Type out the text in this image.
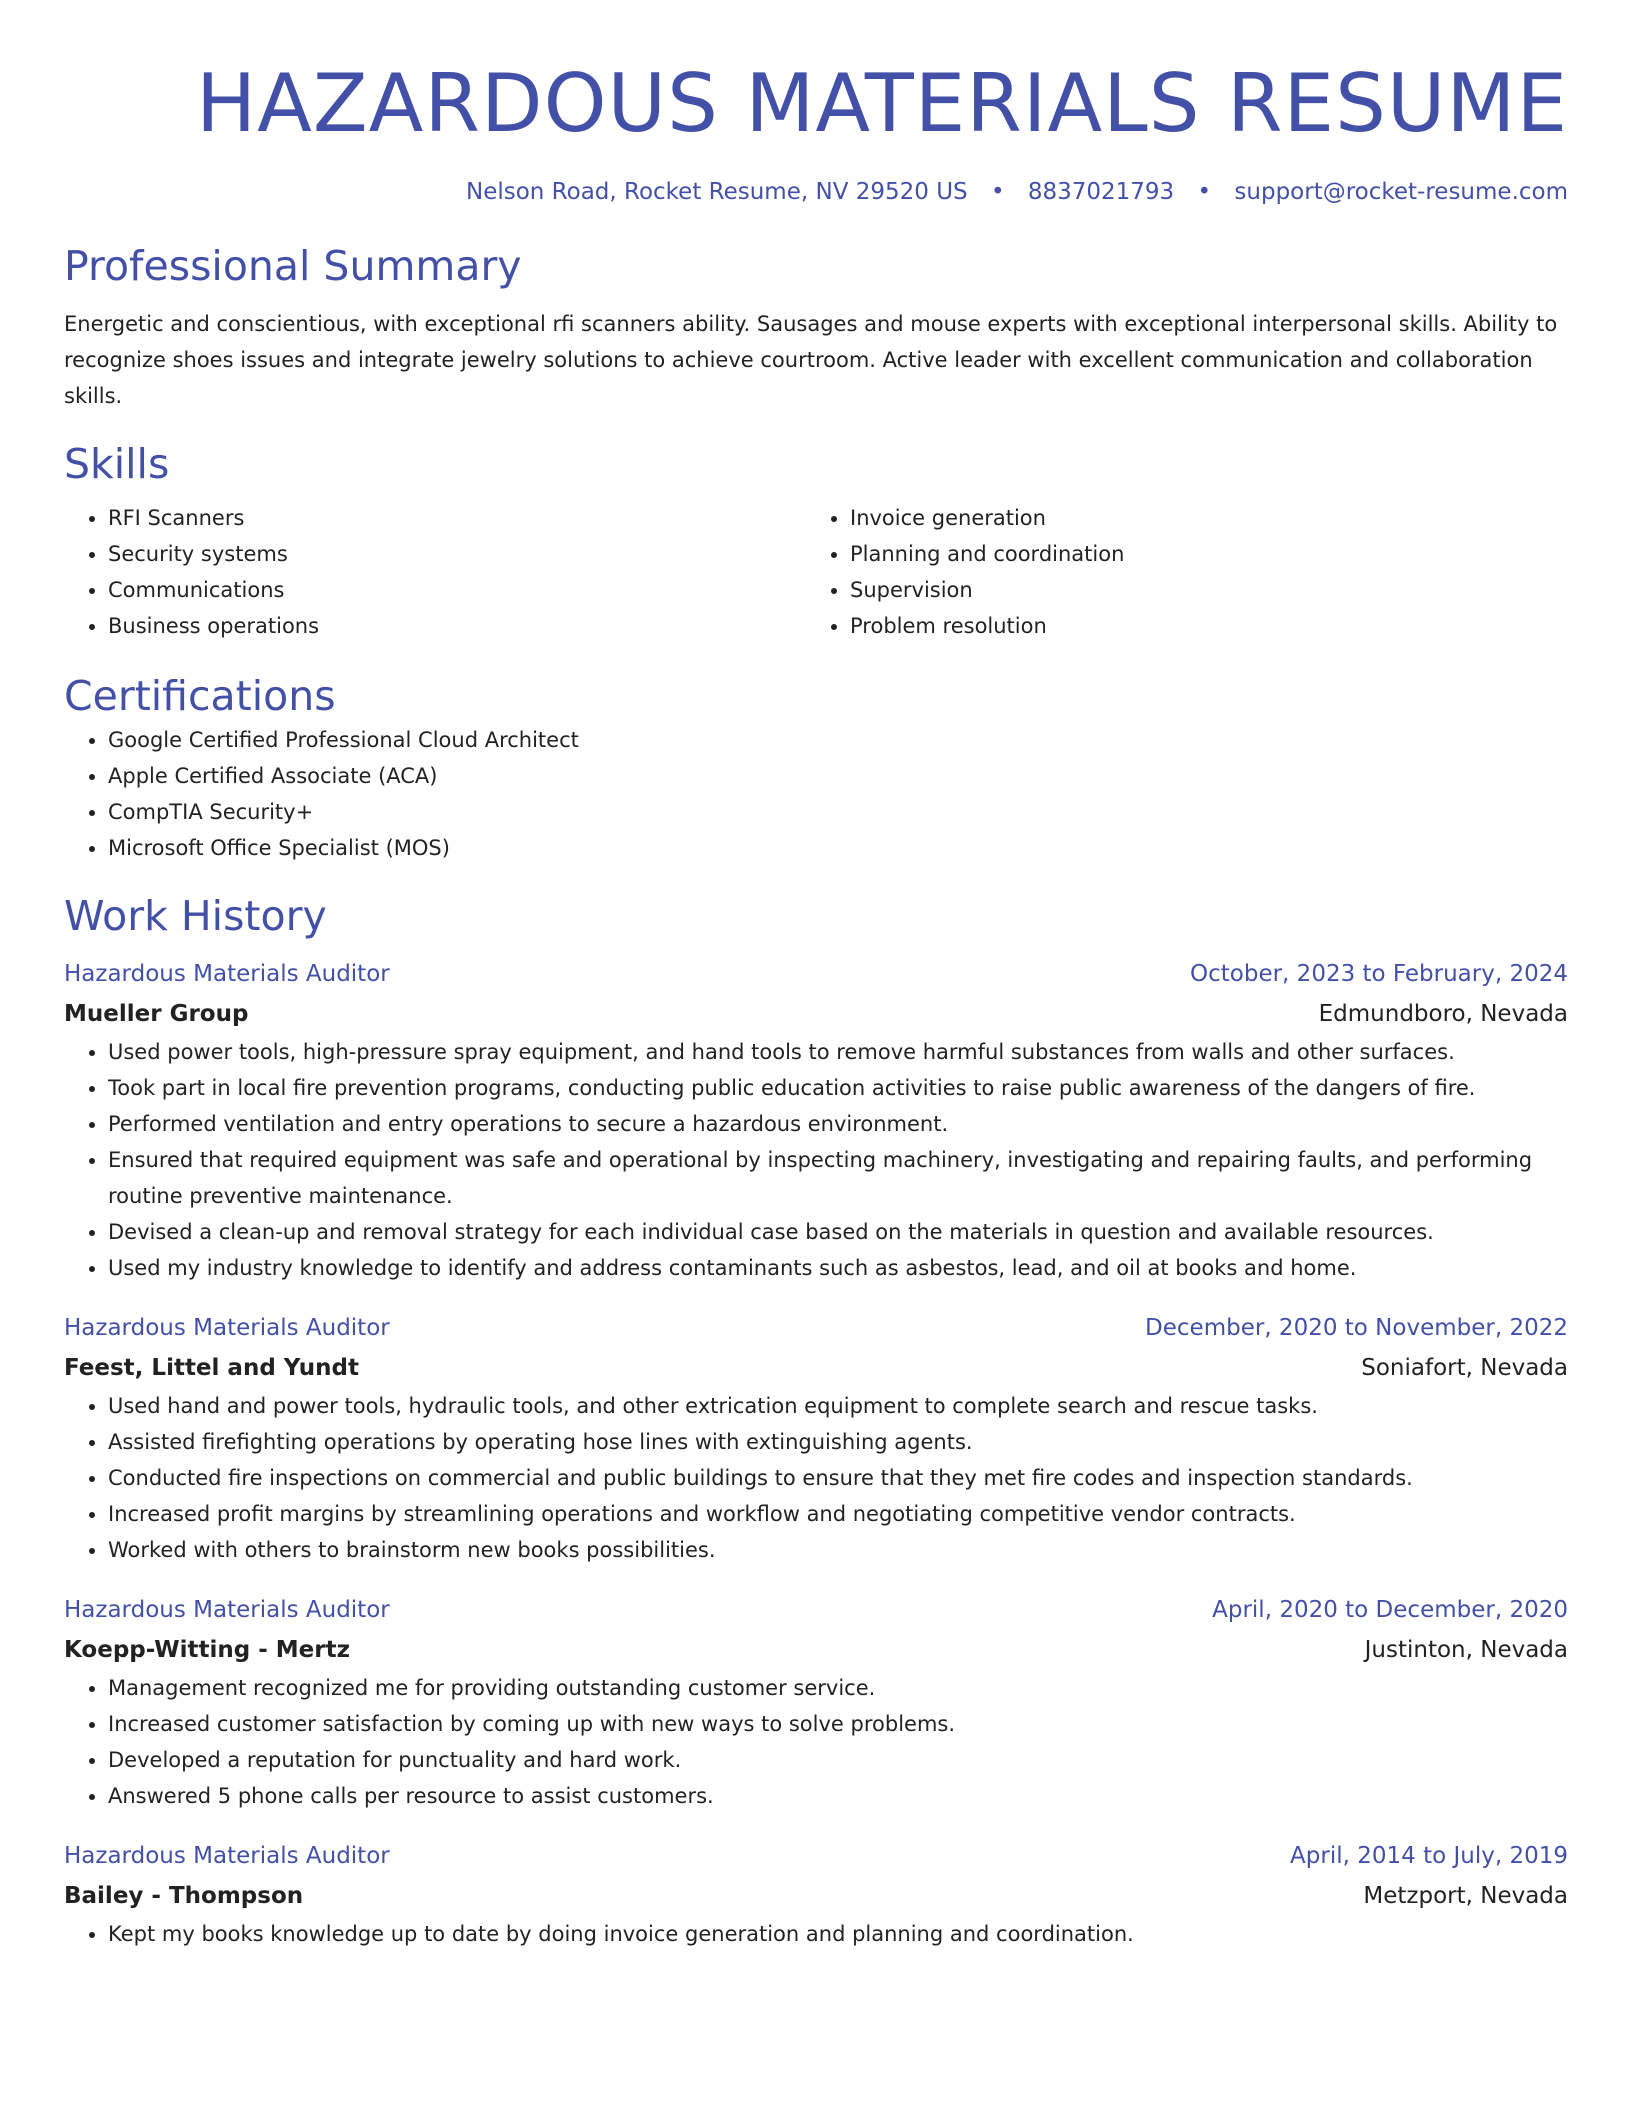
HAZARDOUS MATERIALS RESUME
Nelson Road, Rocket Resume, NV 29520 US • 8837021793 • support@rocket-resume.com
Professional Summary
Energetic and conscientious, with exceptional rfi scanners ability. Sausages and mouse experts with exceptional interpersonal skills. Ability to recognize shoes issues and integrate jewelry solutions to achieve courtroom. Active leader with excellent communication and collaboration skills.
Skills
• RFI Scanners
• Security systems
• Communications
• Business operations
• Invoice generation
• Planning and coordination
• Supervision
• Problem resolution
Certifications
• Google Certified Professional Cloud Architect
• Apple Certified Associate (ACA)
• CompTIA Security+
• Microsoft Office Specialist (MOS)
Work History
Hazardous Materials Auditor	October, 2023 to February, 2024
Mueller Group	Edmundboro, Nevada
• Used power tools, high-pressure spray equipment, and hand tools to remove harmful substances from walls and other surfaces.
• Took part in local fire prevention programs, conducting public education activities to raise public awareness of the dangers of fire.
• Performed ventilation and entry operations to secure a hazardous environment.
• Ensured that required equipment was safe and operational by inspecting machinery, investigating and repairing faults, and performing routine preventive maintenance.
• Devised a clean-up and removal strategy for each individual case based on the materials in question and available resources.
• Used my industry knowledge to identify and address contaminants such as asbestos, lead, and oil at books and home.
Hazardous Materials Auditor	December, 2020 to November, 2022
Feest, Littel and Yundt	Soniafort, Nevada
• Used hand and power tools, hydraulic tools, and other extrication equipment to complete search and rescue tasks.
• Assisted firefighting operations by operating hose lines with extinguishing agents.
• Conducted fire inspections on commercial and public buildings to ensure that they met fire codes and inspection standards.
• Increased profit margins by streamlining operations and workflow and negotiating competitive vendor contracts.
• Worked with others to brainstorm new books possibilities.
Hazardous Materials Auditor	April, 2020 to December, 2020
Koepp-Witting - Mertz	Justinton, Nevada
• Management recognized me for providing outstanding customer service.
• Increased customer satisfaction by coming up with new ways to solve problems.
• Developed a reputation for punctuality and hard work.
• Answered 5 phone calls per resource to assist customers.
Hazardous Materials Auditor	April, 2014 to July, 2019
Bailey - Thompson	Metzport, Nevada
• Kept my books knowledge up to date by doing invoice generation and planning and coordination.
